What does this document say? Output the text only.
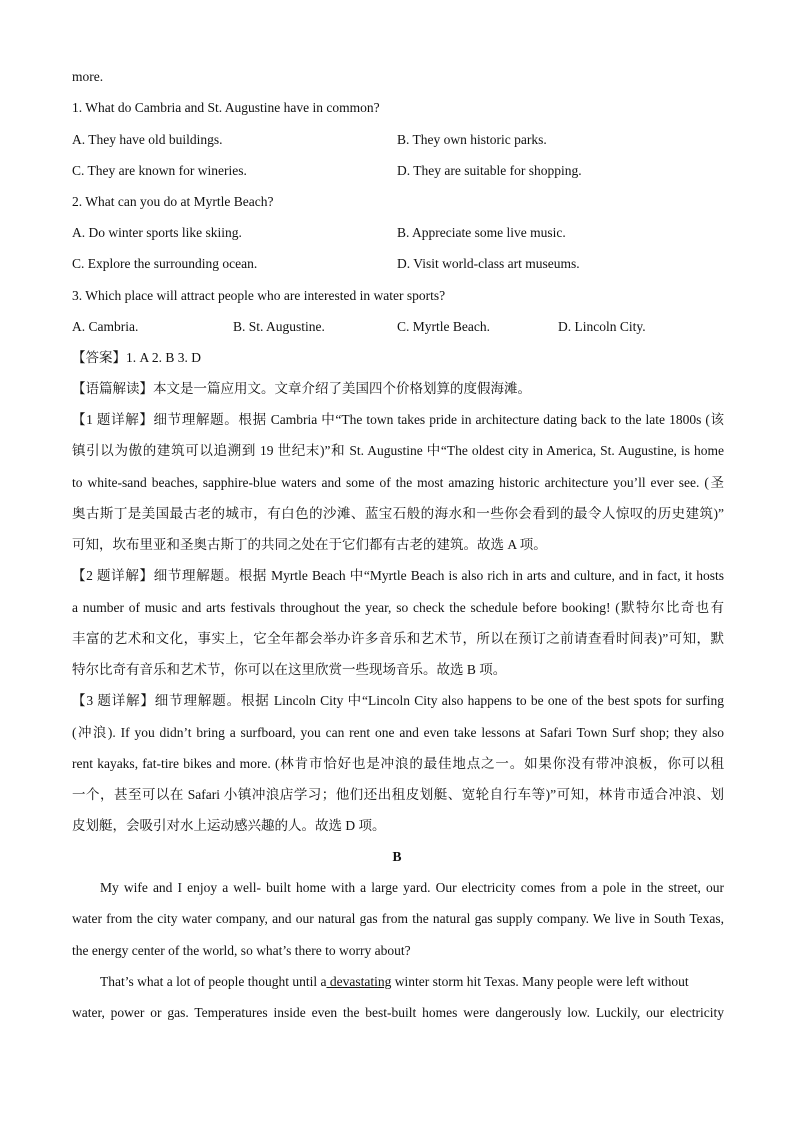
more.
1. What do Cambria and St. Augustine have in common?
A. They have old buildings.	B. They own historic parks.
C. They are known for wineries.	D. They are suitable for shopping.
2. What can you do at Myrtle Beach?
A. Do winter sports like skiing.	B. Appreciate some live music.
C. Explore the surrounding ocean.	D. Visit world-class art museums.
3. Which place will attract people who are interested in water sports?
A. Cambria.	B. St. Augustine.	C. Myrtle Beach.	D. Lincoln City.
【答案】1. A 2. B 3. D
【语篇解读】本文是一篇应用文。文章介绍了美国四个价格划算的度假海滩。
【1 题详解】细节理解题。根据 Cambria 中“The town takes pride in architecture dating back to the late 1800s (该
镇引以为傲的建筑可以追溯到 19 世纪末)”和 St. Augustine 中“The oldest city in America, St. Augustine, is home
to white-sand beaches, sapphire-blue waters and some of the most amazing historic architecture you’ll ever see. (圣
奥古斯丁是美国最古老的城市，有白色的沙滩、蓝宝石般的海水和一些你会看到的最令人惊叹的历史建筑)”
可知，坎布里亚和圣奥古斯丁的共同之处在于它们都有古老的建筑。故选 A 项。
【2 题详解】细节理解题。根据 Myrtle Beach 中“Myrtle Beach is also rich in arts and culture, and in fact, it hosts
a number of music and arts festivals throughout the year, so check the schedule before booking! (默特尔比奇也有
丰富的艺术和文化，事实上，它全年都会举办许多音乐和艺术节，所以在预订之前请查看时间表)”可知，默
特尔比奇有音乐和艺术节，你可以在这里欣赏一些现场音乐。故选 B 项。
【3 题详解】细节理解题。根据 Lincoln City 中“Lincoln City also happens to be one of the best spots for surfing
(冲浪). If you didn’t bring a surfboard, you can rent one and even take lessons at Safari Town Surf shop; they also
rent kayaks, fat-tire bikes and more. (林肯市恰好也是冲浪的最佳地点之一。如果你没有带冲浪板，你可以租
一个，甚至可以在 Safari 小镇冲浪店学习；他们还出租皮划艇、宽轮自行车等)”可知，林肯市适合冲浪、划
皮划艇，会吸引对水上运动感兴趣的人。故选 D 项。
B
My wife and I enjoy a well- built home with a large yard. Our electricity comes from a pole in the street, our
water from the city water company, and our natural gas from the natural gas supply company. We live in South Texas,
the energy center of the world, so what’s there to worry about?
That’s what a lot of people thought until a devastating winter storm hit Texas. Many people were left without
water, power or gas. Temperatures inside even the best-built homes were dangerously low. Luckily, our electricity
